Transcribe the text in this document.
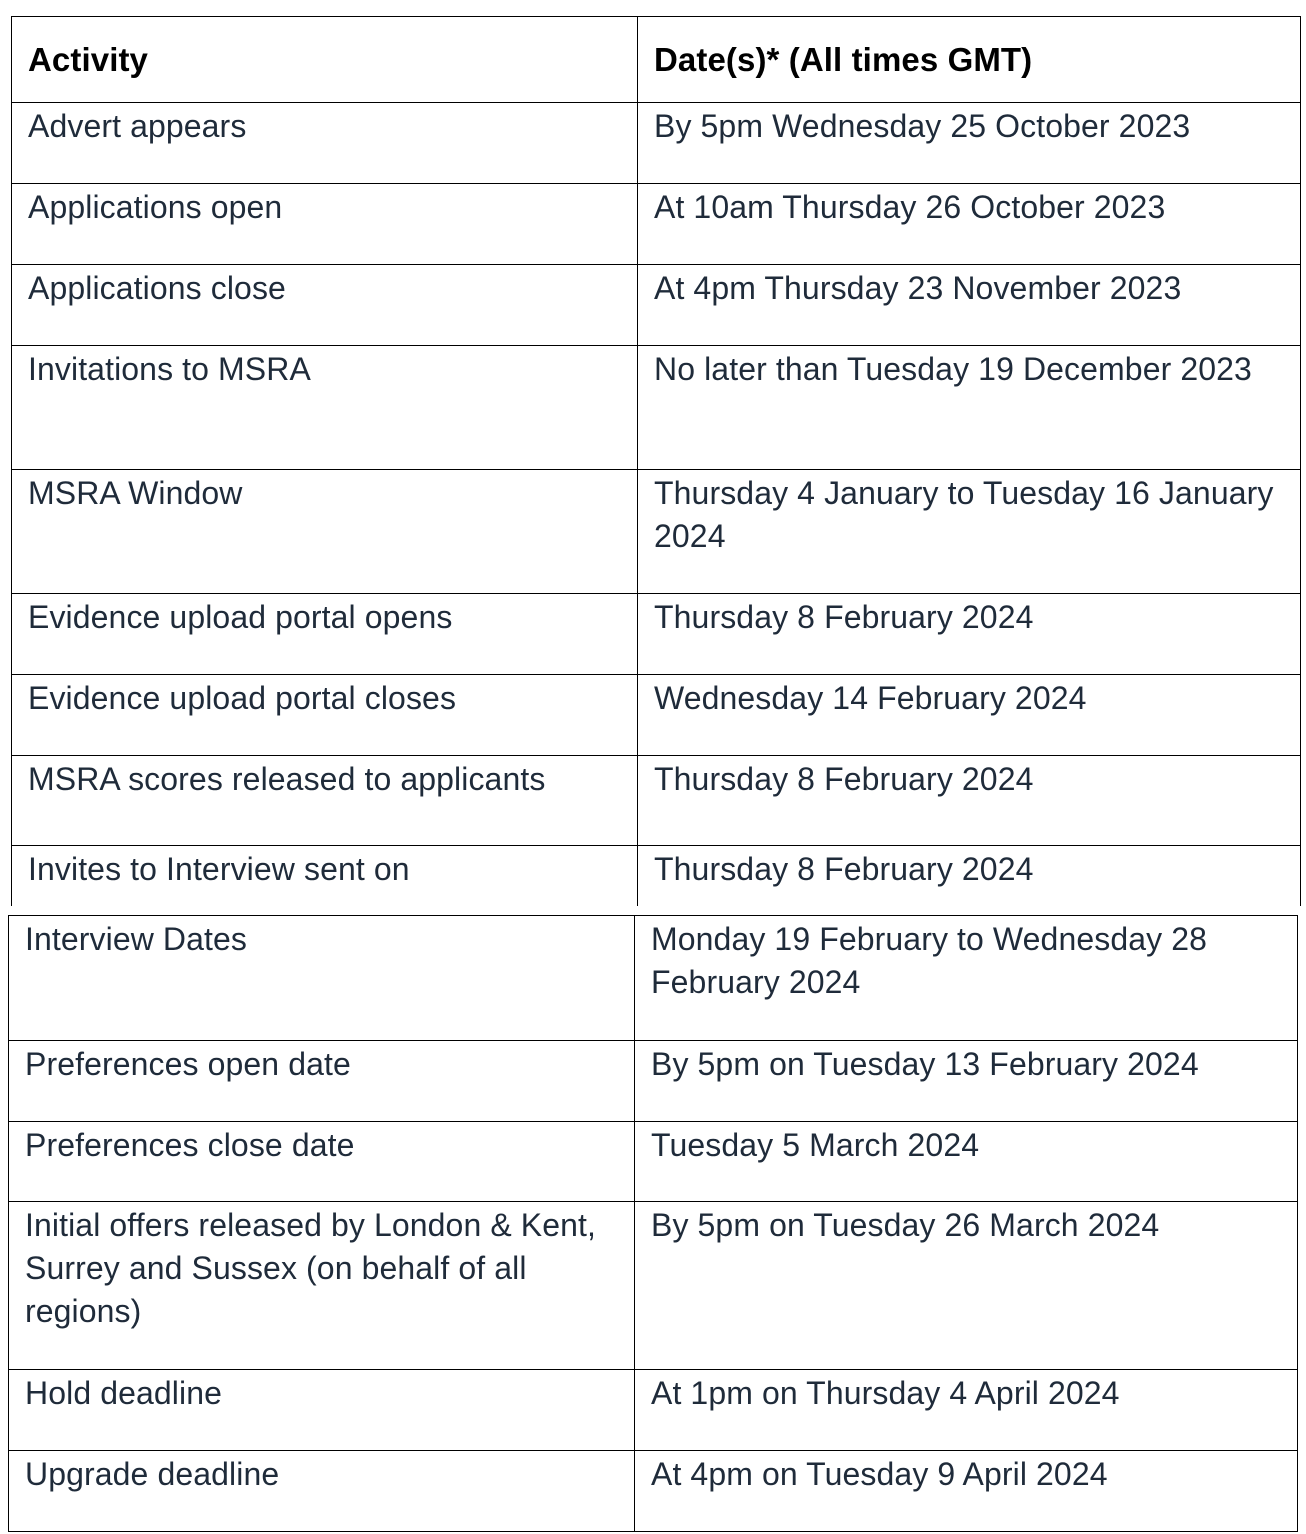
Activity	Date(s)* (All times GMT)

Advert appears	By 5pm Wednesday 25 October 2023

Applications open	At 10am Thursday 26 October 2023

Applications close	At 4pm Thursday 23 November 2023

Invitations to MSRA	No later than Tuesday 19 December 2023

MSRA Window	Thursday 4 January to Tuesday 16 January 2024

Evidence upload portal opens	Thursday 8 February 2024

Evidence upload portal closes	Wednesday 14 February 2024

MSRA scores released to applicants	Thursday 8 February 2024

Invites to Interview sent on	Thursday 8 February 2024
Interview Dates	Monday 19 February to Wednesday 28 February 2024

Preferences open date	By 5pm on Tuesday 13 February 2024

Preferences close date	Tuesday 5 March 2024

Initial offers released by London & Kent, Surrey and Sussex (on behalf of all regions)	By 5pm on Tuesday 26 March 2024

Hold deadline	At 1pm on Thursday 4 April 2024

Upgrade deadline	At 4pm on Tuesday 9 April 2024
